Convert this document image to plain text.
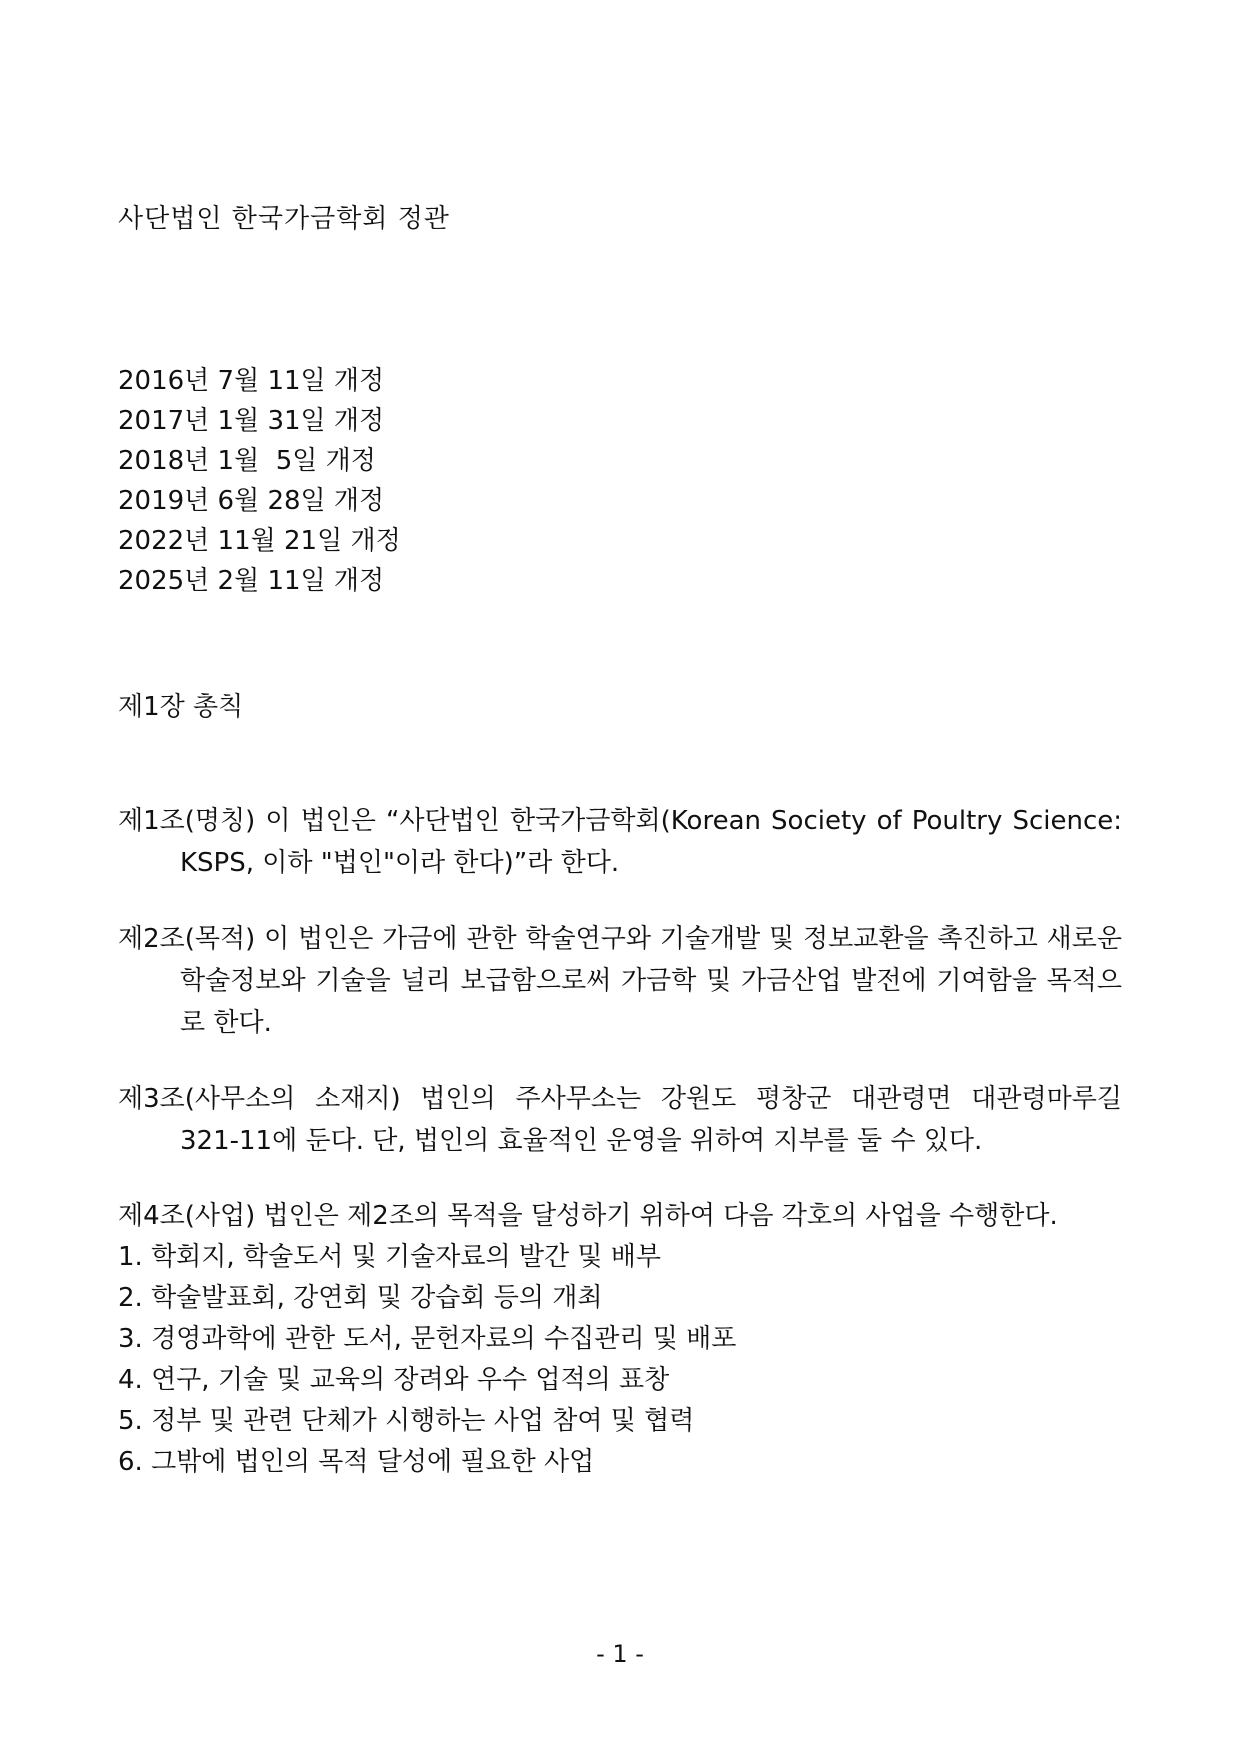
사단법인 한국가금학회 정관
2016년 7월 11일 개정
2017년 1월 31일 개정
2018년 1월  5일 개정
2019년 6월 28일 개정
2022년 11월 21일 개정
2025년 2월 11일 개정
제1장 총칙
제1조(명칭) 이 법인은 “사단법인 한국가금학회(Korean Society of Poultry Science:
KSPS, 이하 "법인"이라 한다)”라 한다.
제2조(목적) 이 법인은 가금에 관한 학술연구와 기술개발 및 정보교환을 촉진하고 새로운
학술정보와 기술을 널리 보급함으로써 가금학 및 가금산업 발전에 기여함을 목적으
로 한다.
제3조(사무소의 소재지) 법인의 주사무소는 강원도 평창군 대관령면 대관령마루길
321-11에 둔다. 단, 법인의 효율적인 운영을 위하여 지부를 둘 수 있다.
제4조(사업) 법인은 제2조의 목적을 달성하기 위하여 다음 각호의 사업을 수행한다.
1. 학회지, 학술도서 및 기술자료의 발간 및 배부
2. 학술발표회, 강연회 및 강습회 등의 개최
3. 경영과학에 관한 도서, 문헌자료의 수집관리 및 배포
4. 연구, 기술 및 교육의 장려와 우수 업적의 표창
5. 정부 및 관련 단체가 시행하는 사업 참여 및 협력
6. 그밖에 법인의 목적 달성에 필요한 사업
- 1 -
